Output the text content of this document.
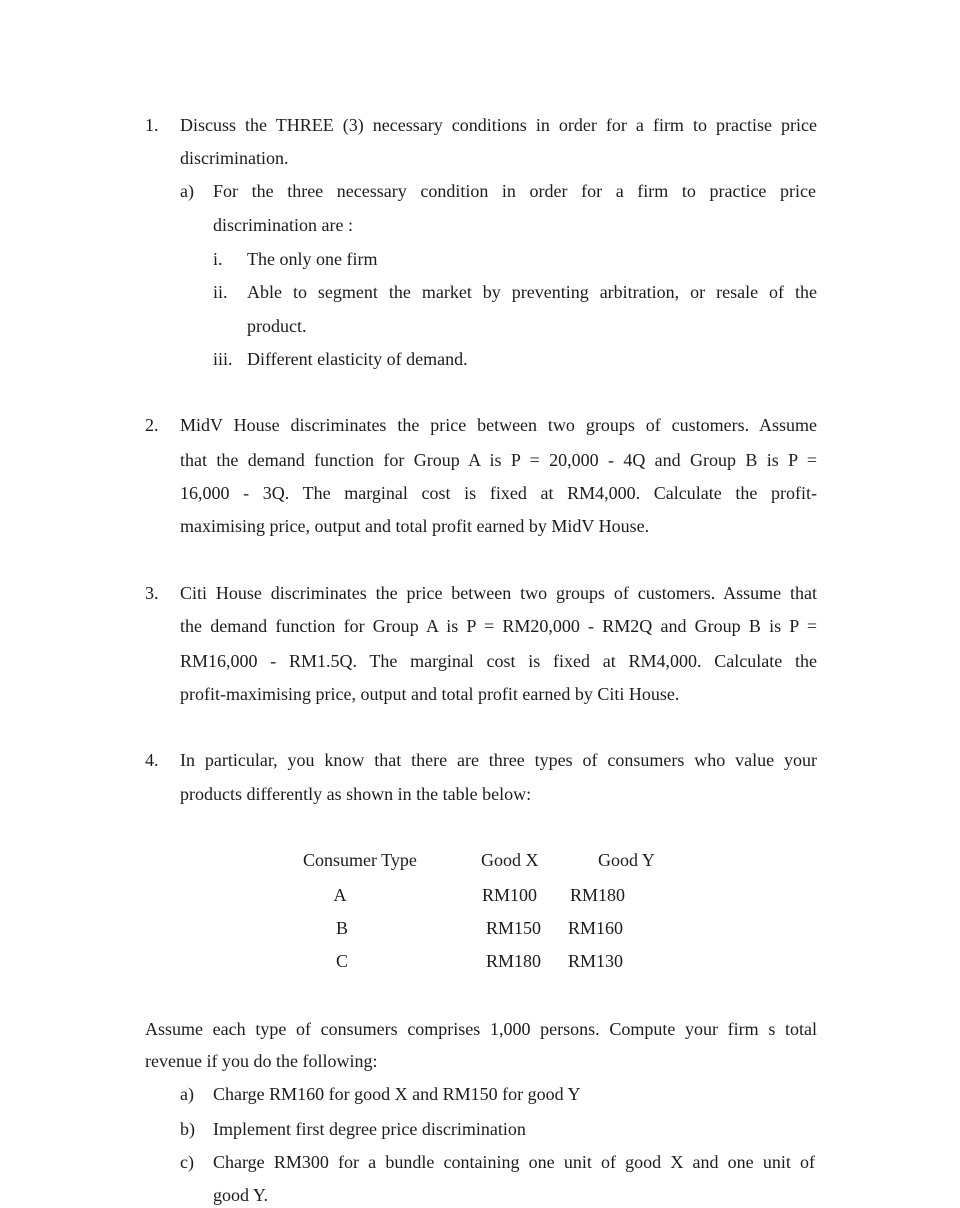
1. Discuss the THREE (3) necessary conditions in order for a firm to practise price
discrimination.
a) For the three necessary condition in order for a firm to practice price
discrimination are :
i. The only one firm
ii. Able to segment the market by preventing arbitration, or resale of the
product.
iii. Different elasticity of demand.
2. MidV House discriminates the price between two groups of customers. Assume
that the demand function for Group A is P = 20,000 - 4Q and Group B is P =
16,000 - 3Q. The marginal cost is fixed at RM4,000. Calculate the profit-
maximising price, output and total profit earned by MidV House.
3. Citi House discriminates the price between two groups of customers. Assume that
the demand function for Group A is P = RM20,000 - RM2Q and Group B is P =
RM16,000 - RM1.5Q. The marginal cost is fixed at RM4,000. Calculate the
profit-maximising price, output and total profit earned by Citi House.
4. In particular, you know that there are three types of consumers who value your
products differently as shown in the table below:
Consumer Type	Good X	Good Y
A	RM100 RM180
B	RM150 RM160
C	RM180 RM130
Assume each type of consumers comprises 1,000 persons. Compute your firm s total
revenue if you do the following:
a) Charge RM160 for good X and RM150 for good Y
b) Implement first degree price discrimination
c) Charge RM300 for a bundle containing one unit of good X and one unit of
good Y.
